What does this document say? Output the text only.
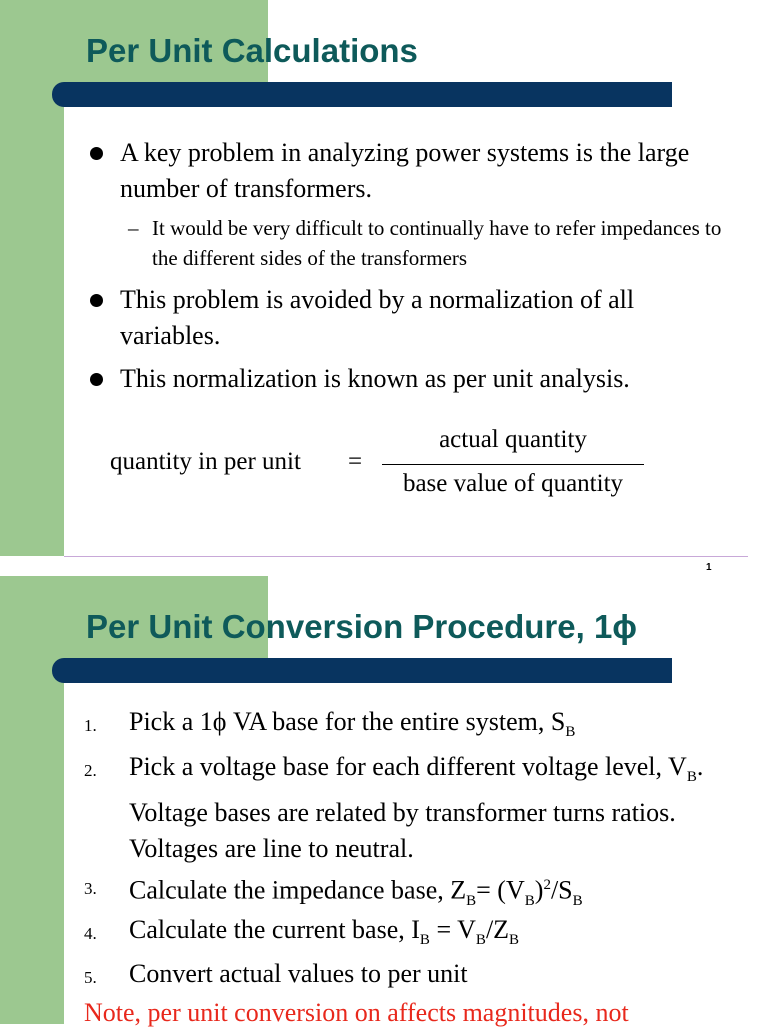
Per Unit Calculations
A key problem in analyzing power systems is the large number of transformers.
– It would be very difficult to continually have to refer impedances to the different sides of the transformers
This problem is avoided by a normalization of all variables.
This normalization is known as per unit analysis.
quantity in per unit =
actual quantity
base value of quantity
1
Per Unit Conversion Procedure, 1ϕ
1. Pick a 1ϕ VA base for the entire system, $S_B$
2. Pick a voltage base for each different voltage level, $V_B$. Voltage bases are related by transformer turns ratios. Voltages are line to neutral.
3. Calculate the impedance base, $Z_B= (V_B)^2/S_B$
4. Calculate the current base, $I_B = V_B/Z_B$
5. Convert actual values to per unit
Note, per unit conversion on affects magnitudes, not
